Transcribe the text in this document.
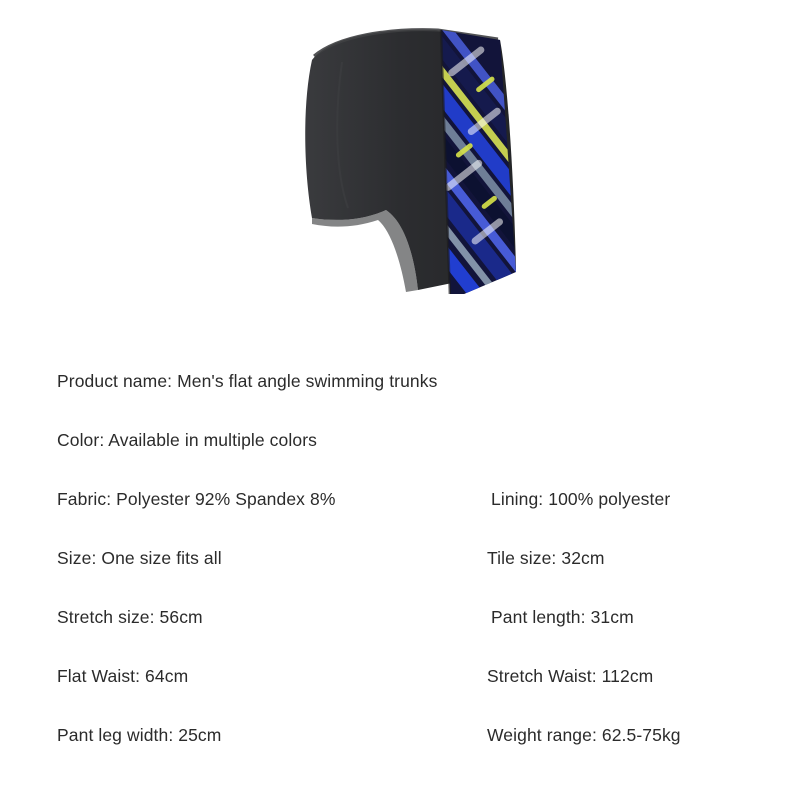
Product name: Men's flat angle swimming trunks
Color: Available in multiple colors
Fabric: Polyester 92% Spandex 8%	Lining: 100% polyester
Size: One size fits all	Tile size: 32cm
Stretch size: 56cm	Pant length: 31cm
Flat Waist: 64cm	Stretch Waist: 112cm
Pant leg width: 25cm	Weight range: 62.5-75kg
